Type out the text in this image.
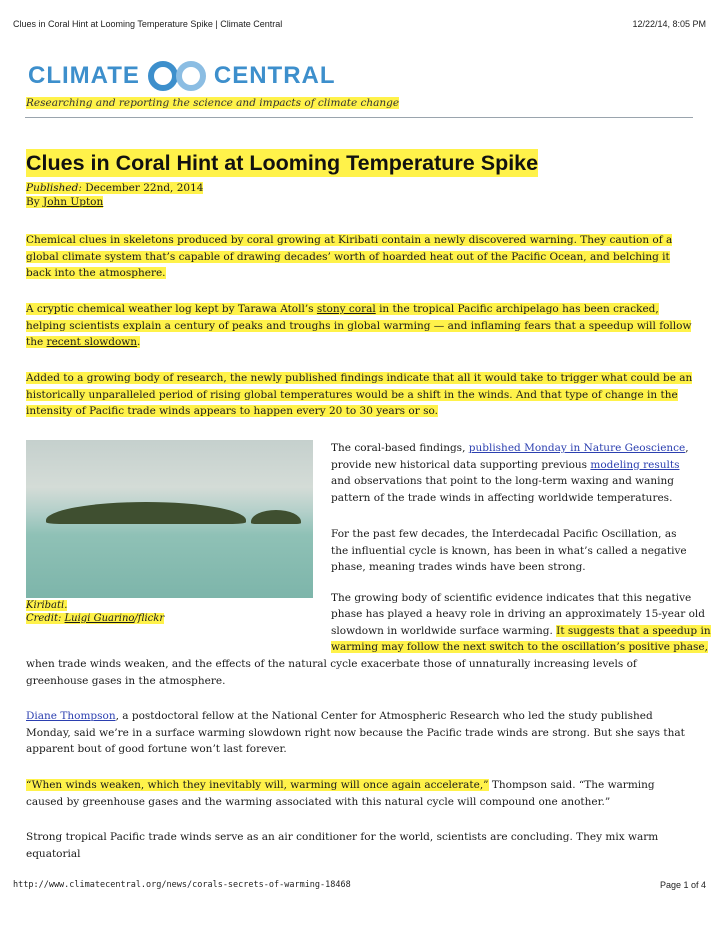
Clues in Coral Hint at Looming Temperature Spike | Climate Central	12/22/14, 8:05 PM
CLIMATE	CENTRAL
Researching and reporting the science and impacts of climate change
Clues in Coral Hint at Looming Temperature Spike
Published: December 22nd, 2014
By John Upton

Chemical clues in skeletons produced by coral growing at Kiribati contain a newly discovered warning. They caution of a global climate system that’s capable of drawing decades’ worth of hoarded heat out of the Pacific Ocean, and belching it back into the atmosphere.

A cryptic chemical weather log kept by Tarawa Atoll’s stony coral in the tropical Pacific archipelago has been cracked, helping scientists explain a century of peaks and troughs in global warming — and inflaming fears that a speedup will follow the recent slowdown.

Added to a growing body of research, the newly published findings indicate that all it would take to trigger what could be an historically unparalleled period of rising global temperatures would be a shift in the winds. And that type of change in the intensity of Pacific trade winds appears to happen every 20 to 30 years or so.

Kiribati.
Credit: Luigi Guarino/flickr

The coral-based findings, published Monday in Nature Geoscience, provide new historical data supporting previous modeling results and observations that point to the long-term waxing and waning pattern of the trade winds in affecting worldwide temperatures.

For the past few decades, the Interdecadal Pacific Oscillation, as the influential cycle is known, has been in what’s called a negative phase, meaning trades winds have been strong.

The growing body of scientific evidence indicates that this negative

phase has played a heavy role in driving an approximately 15-year old

slowdown in worldwide surface warming. It suggests that a speedup in

warming may follow the next switch to the oscillation’s positive phase,

when trade winds weaken, and the effects of the natural cycle exacerbate those of unnaturally increasing levels of greenhouse gases in the atmosphere.

Diane Thompson, a postdoctoral fellow at the National Center for Atmospheric Research who led the study published Monday, said we’re in a surface warming slowdown right now because the Pacific trade winds are strong. But she says that apparent bout of good fortune won’t last forever.

“When winds weaken, which they inevitably will, warming will once again accelerate,” Thompson said. “The warming caused by greenhouse gases and the warming associated with this natural cycle will compound one another.”

Strong tropical Pacific trade winds serve as an air conditioner for the world, scientists are concluding. They mix warm equatorial

http://www.climatecentral.org/news/corals-secrets-of-warming-18468	Page 1 of 4
